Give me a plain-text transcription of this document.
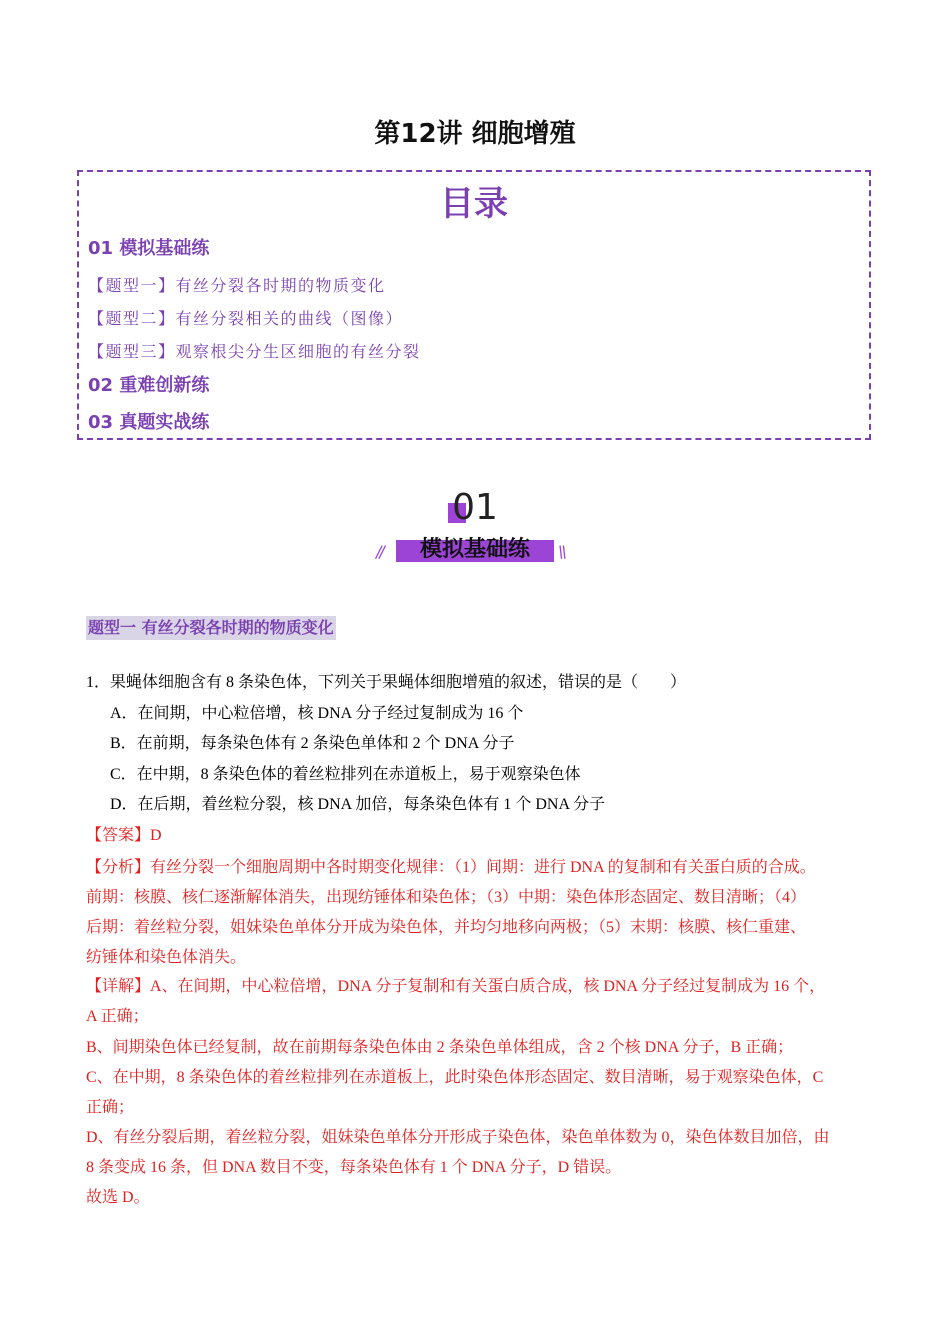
第12讲 细胞增殖
目录
01 模拟基础练
【题型一】有丝分裂各时期的物质变化
【题型二】有丝分裂相关的曲线（图像）
【题型三】观察根尖分生区细胞的有丝分裂
02 重难创新练
03 真题实战练
01
模拟基础练
//	\\
题型一 有丝分裂各时期的物质变化
1．果蝇体细胞含有 8 条染色体，下列关于果蝇体细胞增殖的叙述，错误的是（　　）
A．在间期，中心粒倍增，核 DNA 分子经过复制成为 16 个
B．在前期，每条染色体有 2 条染色单体和 2 个 DNA 分子
C．在中期，8 条染色体的着丝粒排列在赤道板上，易于观察染色体
D．在后期，着丝粒分裂，核 DNA 加倍，每条染色体有 1 个 DNA 分子
【答案】D
【分析】有丝分裂一个细胞周期中各时期变化规律：（1）间期：进行 DNA 的复制和有关蛋白质的合成。
前期：核膜、核仁逐渐解体消失，出现纺锤体和染色体；（3）中期：染色体形态固定、数目清晰；（4）
后期：着丝粒分裂，姐妹染色单体分开成为染色体，并均匀地移向两极；（5）末期：核膜、核仁重建、
纺锤体和染色体消失。
【详解】A、在间期，中心粒倍增，DNA 分子复制和有关蛋白质合成，核 DNA 分子经过复制成为 16 个，
A 正确；
B、间期染色体已经复制，故在前期每条染色体由 2 条染色单体组成，含 2 个核 DNA 分子，B 正确；
C、在中期，8 条染色体的着丝粒排列在赤道板上，此时染色体形态固定、数目清晰，易于观察染色体，C
正确；
D、有丝分裂后期，着丝粒分裂，姐妹染色单体分开形成子染色体，染色单体数为 0，染色体数目加倍，由
8 条变成 16 条，但 DNA 数目不变，每条染色体有 1 个 DNA 分子，D 错误。
故选 D。
